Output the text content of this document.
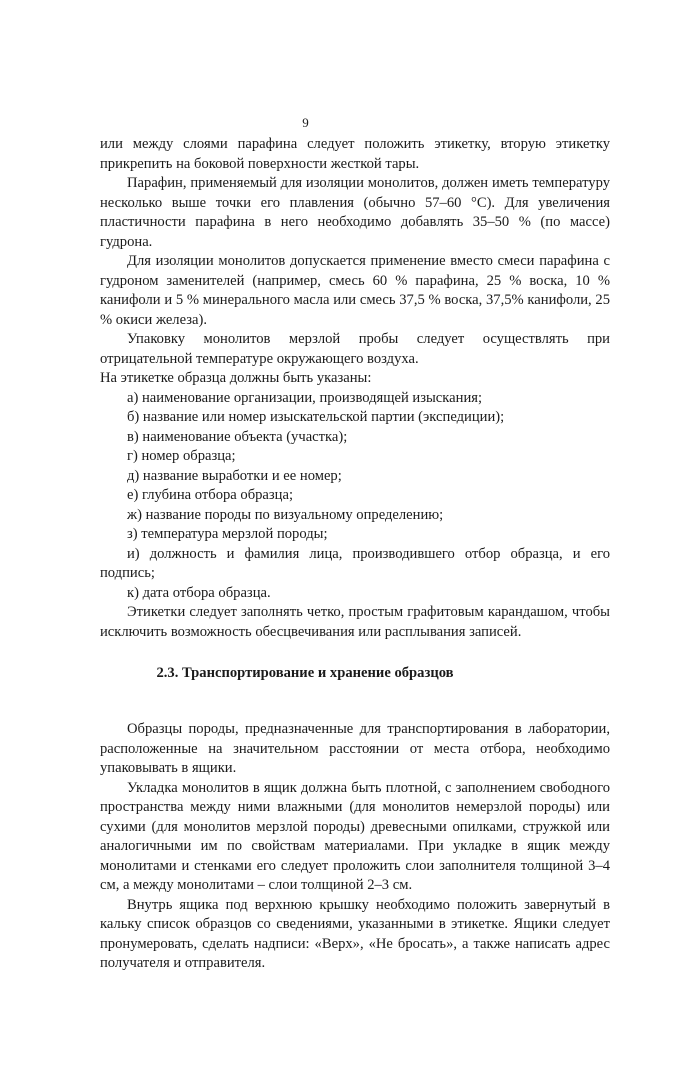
9

или между слоями парафина следует положить этикетку, вторую этикетку прикрепить на боковой поверхности жесткой тары.

Парафин, применяемый для изоляции монолитов, должен иметь температуру несколько выше точки его плавления (обычно 57–60 °С). Для увеличения пластичности парафина в него необходимо добавлять 35–50 % (по массе) гудрона.

Для изоляции монолитов допускается применение вместо смеси парафина с гудроном заменителей (например, смесь 60 % парафина, 25 % воска, 10 % канифоли и 5 % минерального масла или смесь 37,5 % воска, 37,5% канифоли, 25 % окиси железа).

Упаковку монолитов мерзлой пробы следует осуществлять при отрицательной температуре окружающего воздуха.

На этикетке образца должны быть указаны:

а) наименование организации, производящей изыскания;

б) название или номер изыскательской партии (экспедиции);

в) наименование объекта (участка);

г) номер образца;

д) название выработки и ее номер;

е) глубина отбора образца;

ж) название породы по визуальному определению;

з) температура мерзлой породы;

и) должность и фамилия лица, производившего отбор образца, и его подпись;

к) дата отбора образца.

Этикетки следует заполнять четко, простым графитовым карандашом, чтобы исключить возможность обесцвечивания или расплывания записей.

2.3. Транспортирование и хранение образцов

Образцы породы, предназначенные для транспортирования в лаборатории, расположенные на значительном расстоянии от места отбора, необходимо упаковывать в ящики.

Укладка монолитов в ящик должна быть плотной, с заполнением свободного пространства между ними влажными (для монолитов немерзлой породы) или сухими (для монолитов мерзлой породы) древесными опилками, стружкой или аналогичными им по свойствам материалами. При укладке в ящик между монолитами и стенками его следует проложить слои заполнителя толщиной 3–4 см, а между монолитами – слои толщиной 2–3 см.

Внутрь ящика под верхнюю крышку необходимо положить завернутый в кальку список образцов со сведениями, указанными в этикетке. Ящики следует пронумеровать, сделать надписи: «Верх», «Не бросать», а также написать адрес получателя и отправителя.
